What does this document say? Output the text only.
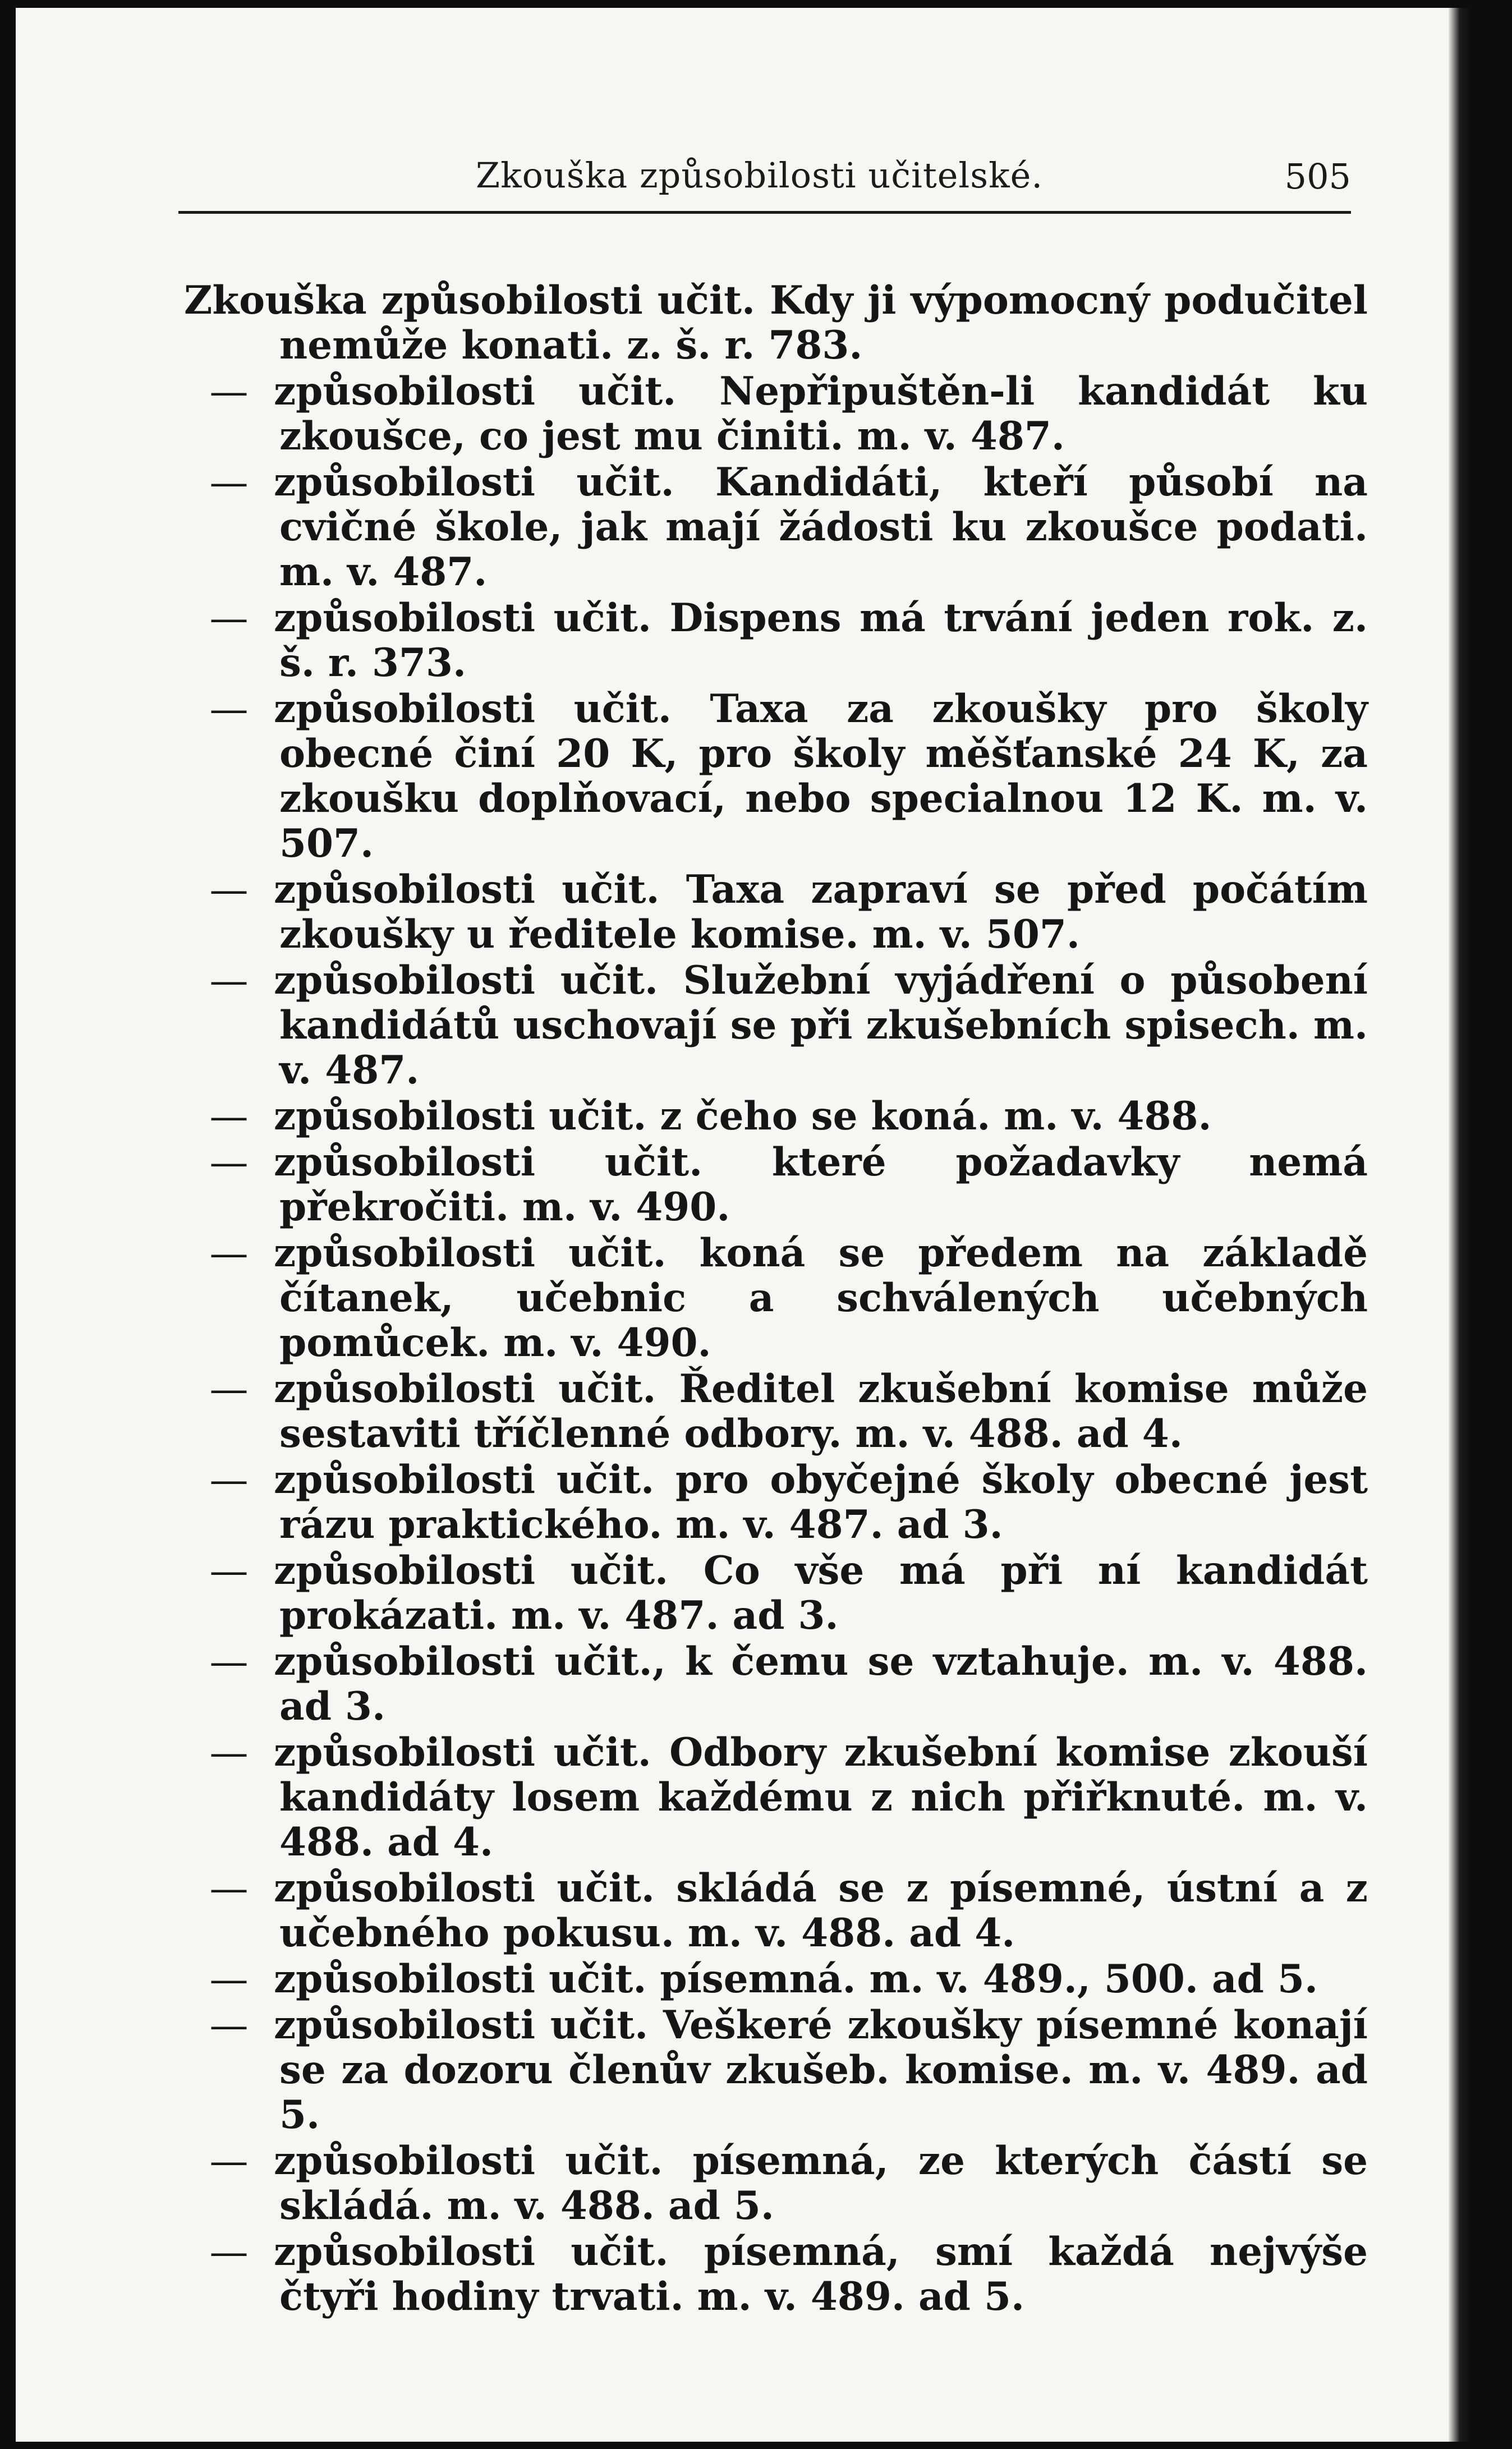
Zkouška způsobilosti učitelské.	505

Zkouška způsobilosti učit. Kdy ji výpomocný podučitel nemůže konati. z. š. r. 783.

— způsobilosti učit. Nepřipuštěn-li kandidát ku zkoušce, co jest mu činiti. m. v. 487.

— způsobilosti učit. Kandidáti, kteří působí na cvičné škole, jak mají žádosti ku zkoušce podati. m. v. 487.

— způsobilosti učit. Dispens má trvání jeden rok. z. š. r. 373.

— způsobilosti učit. Taxa za zkoušky pro školy obecné činí 20 K, pro školy měšťanské 24 K, za zkoušku doplňovací, nebo specialnou 12 K. m. v. 507.

— způsobilosti učit. Taxa zapraví se před počátím zkoušky u ředitele komise. m. v. 507.

— způsobilosti učit. Služební vyjádření o působení kandidátů uschovají se při zkušebních spisech. m. v. 487.

— způsobilosti učit. z čeho se koná. m. v. 488.

— způsobilosti učit. které požadavky nemá překročiti. m. v. 490.

— způsobilosti učit. koná se předem na základě čítanek, učebnic a schválených učebných pomůcek. m. v. 490.

— způsobilosti učit. Ředitel zkušební komise může sestaviti tříčlenné odbory. m. v. 488. ad 4.

— způsobilosti učit. pro obyčejné školy obecné jest rázu praktického. m. v. 487. ad 3.

— způsobilosti učit. Co vše má při ní kandidát prokázati. m. v. 487. ad 3.

— způsobilosti učit., k čemu se vztahuje. m. v. 488. ad 3.

— způsobilosti učit. Odbory zkušební komise zkouší kandidáty losem každému z nich přiřknuté. m. v. 488. ad 4.

— způsobilosti učit. skládá se z písemné, ústní a z učebného pokusu. m. v. 488. ad 4.

— způsobilosti učit. písemná. m. v. 489., 500. ad 5.

— způsobilosti učit. Veškeré zkoušky písemné konají se za dozoru členův zkušeb. komise. m. v. 489. ad 5.

— způsobilosti učit. písemná, ze kterých částí se skládá. m. v. 488. ad 5.

— způsobilosti učit. písemná, smí každá nejvýše čtyři hodiny trvati. m. v. 489. ad 5.
